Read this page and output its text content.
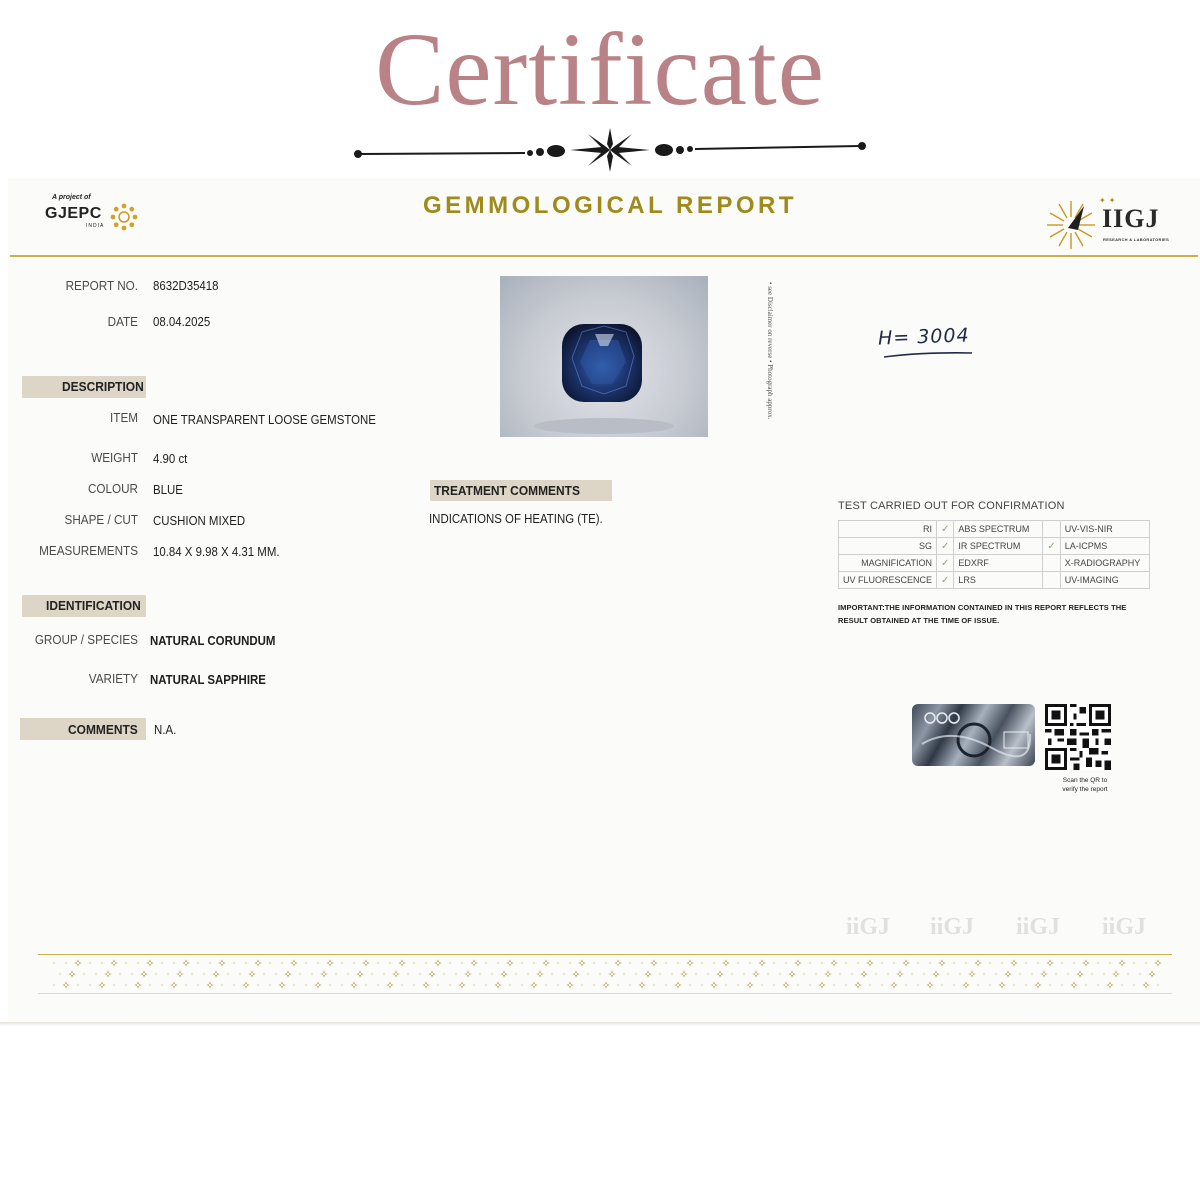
Certificate
A project of
GJEPC
INDIA
GEMMOLOGICAL REPORT	✦✦
IIGJ
RESEARCH & LABORATORIES
REPORT NO. 8632D35418
DATE 08.04.2025
DESCRIPTION
ITEM ONE TRANSPARENT LOOSE GEMSTONE
WEIGHT 4.90 ct
COLOUR BLUE
SHAPE / CUT CUSHION MIXED
MEASUREMENTS 10.84 X 9.98 X 4.31 MM.
IDENTIFICATION
GROUP / SPECIES NATURAL CORUNDUM
VARIETY NATURAL SAPPHIRE
COMMENTS	N.A.
• see Disclaimer on reverse • Photograph approx.	H= 3004
TREATMENT COMMENTS
INDICATIONS OF HEATING (TE).
TEST CARRIED OUT FOR CONFIRMATION
RI	✓	ABS SPECTRUM		UV-VIS-NIR
SG	✓	IR SPECTRUM	✓	LA-ICPMS
MAGNIFICATION	✓	EDXRF		X-RADIOGRAPHY
UV FLUORESCENCE	✓	LRS		UV-IMAGING
IMPORTANT:THE INFORMATION CONTAINED IN THIS REPORT REFLECTS THE RESULT OBTAINED AT THE TIME OF ISSUE.
Scan the QR to
verify the report
iiGJ iiGJ iiGJ iiGJ
